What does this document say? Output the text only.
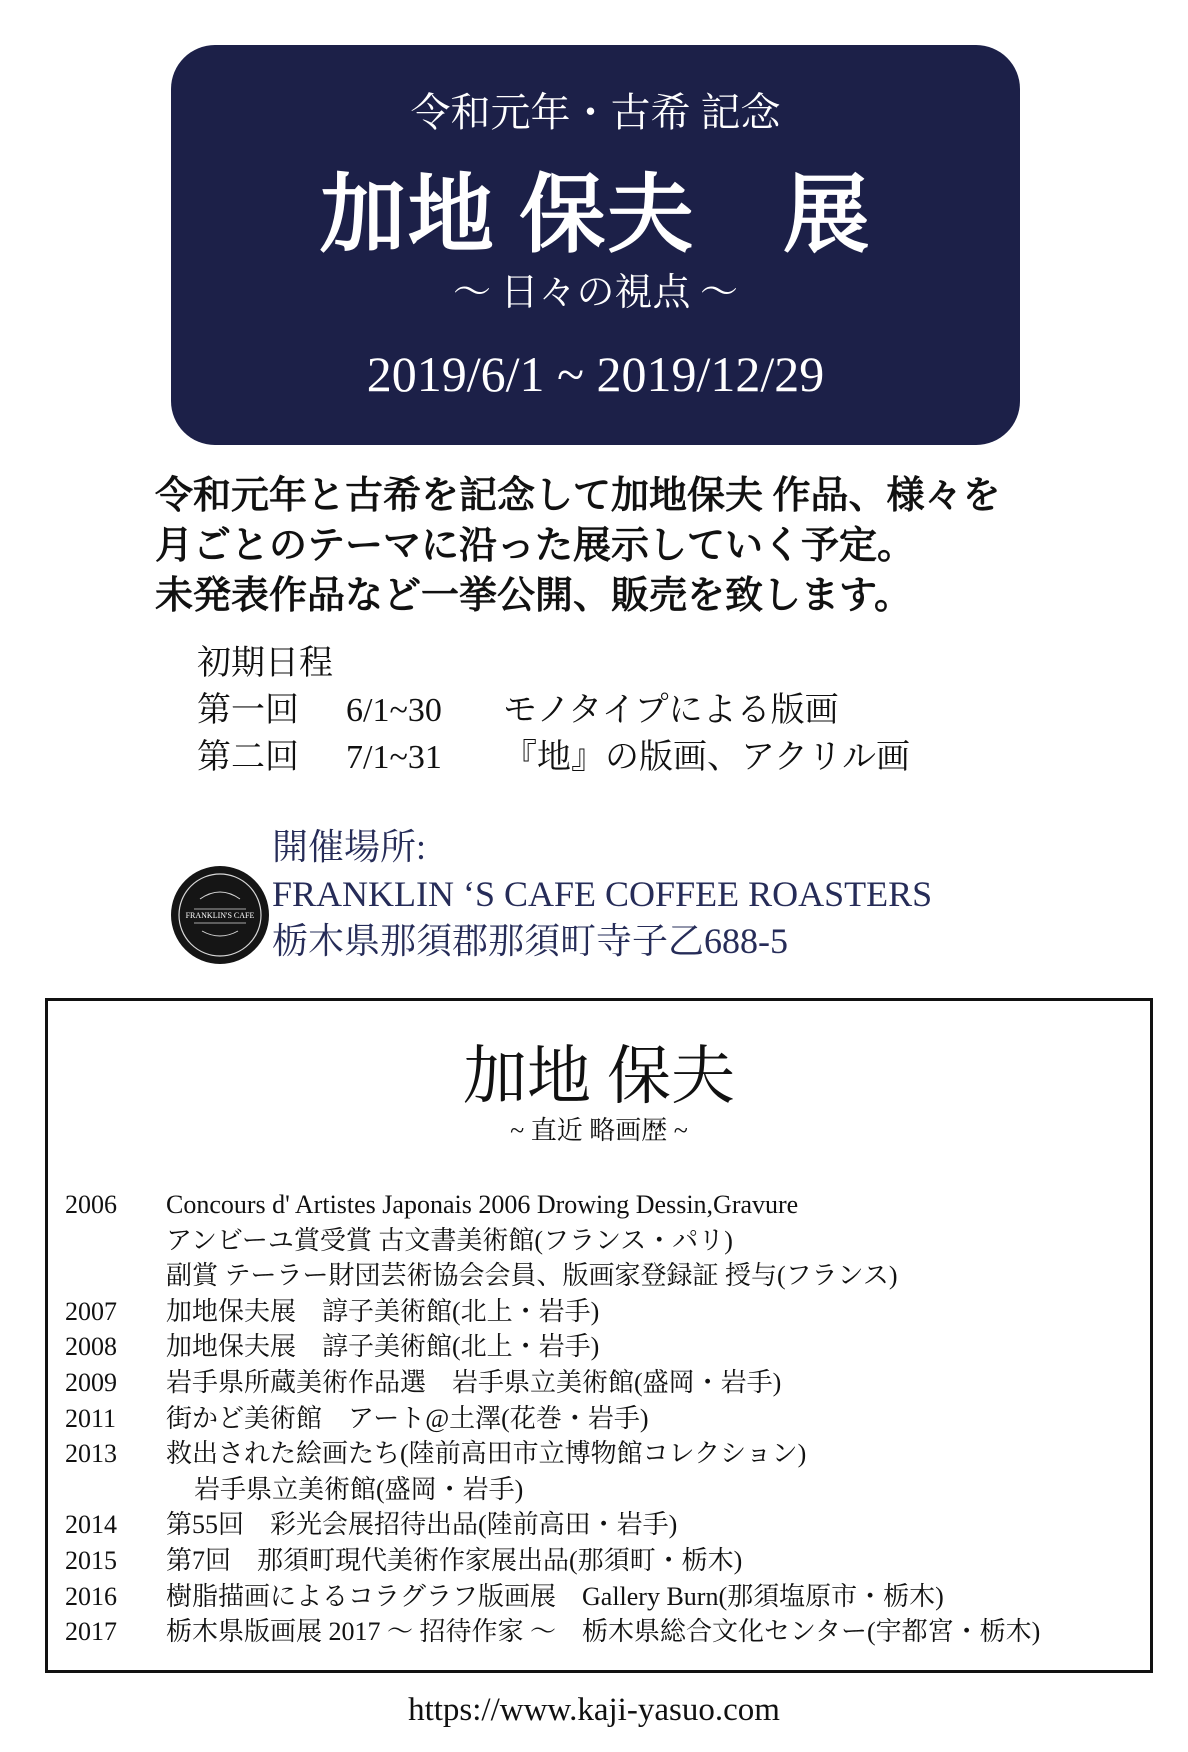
令和元年・古希 記念
加地 保夫　展
〜 日々の視点 〜
2019/6/1 ~ 2019/12/29
令和元年と古希を記念して加地保夫 作品、様々を
月ごとのテーマに沿った展示していく予定。
未発表作品など一挙公開、販売を致します。
初期日程
第一回	6/1~30	モノタイプによる版画
第二回	7/1~31	『地』の版画、アクリル画
FRANKLIN'S CAFE
開催場所:
FRANKLIN ‘S CAFE COFFEE ROASTERS
栃木県那須郡那須町寺子乙688-5
加地 保夫
~ 直近 略画歴 ~
2006	Concours d' Artistes Japonais 2006 Drowing Dessin,Gravure
アンビーユ賞受賞 古文書美術館(フランス・パリ)
副賞 テーラー財団芸術協会会員、版画家登録証 授与(フランス)
2007	加地保夫展　諄子美術館(北上・岩手)
2008	加地保夫展　諄子美術館(北上・岩手)
2009	岩手県所蔵美術作品選　岩手県立美術館(盛岡・岩手)
2011	街かど美術館　アート@土澤(花巻・岩手)
2013	救出された絵画たち(陸前高田市立博物館コレクション)
岩手県立美術館(盛岡・岩手)
2014	第55回　彩光会展招待出品(陸前高田・岩手)
2015	第7回　那須町現代美術作家展出品(那須町・栃木)
2016	樹脂描画によるコラグラフ版画展　Gallery Burn(那須塩原市・栃木)
2017	栃木県版画展 2017 〜 招待作家 〜　栃木県総合文化センター(宇都宮・栃木)
https://www.kaji-yasuo.com
